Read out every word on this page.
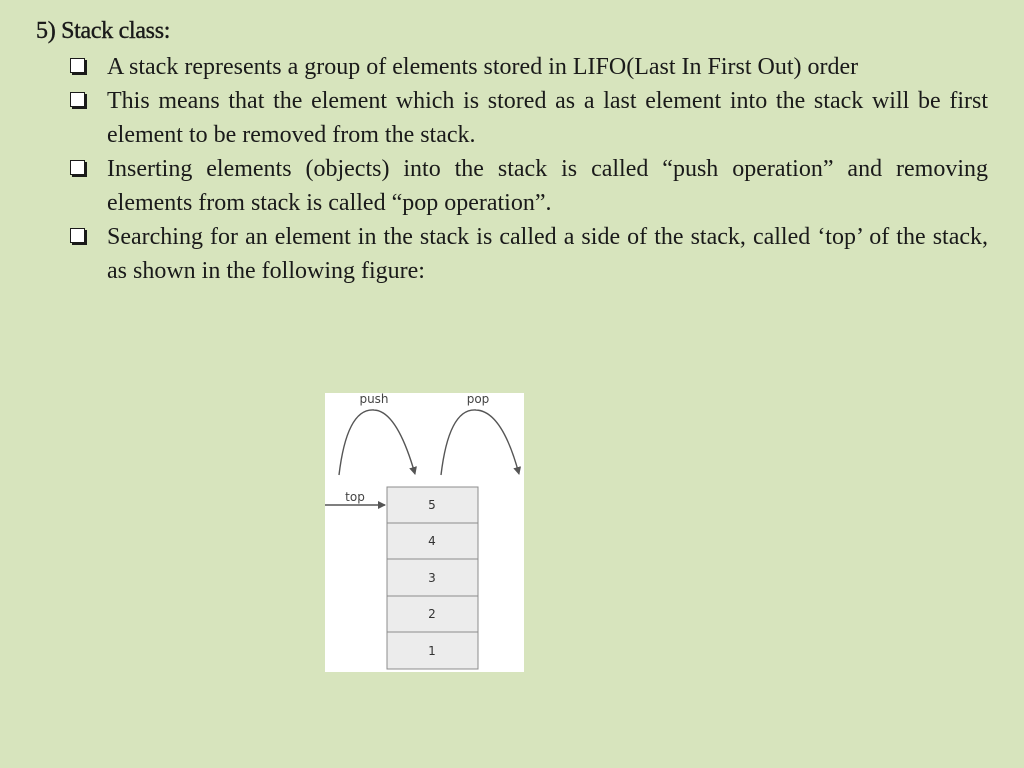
5) Stack class:
A stack represents a group of elements stored in LIFO(Last In First Out) order
This means that the element which is stored as a last element into the stack will be first element to be removed from the stack.
Inserting elements (objects) into the stack is called “push operation” and removing elements from stack is called “pop operation”.
Searching for an element in the stack is called a side of the stack, called ‘top’ of the stack, as shown in the following figure:
push	pop
top
5
4
3
2
1
